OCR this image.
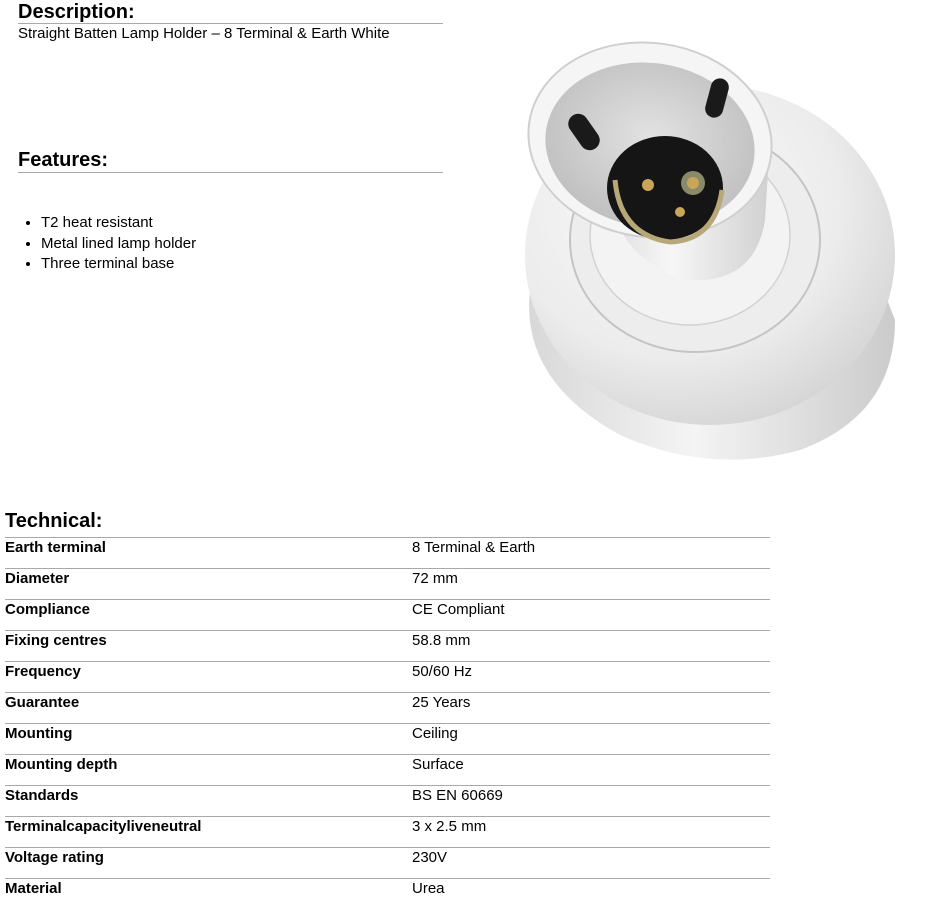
Description:
Straight Batten Lamp Holder – 8 Terminal & Earth White
Features:
• T2 heat resistant
• Metal lined lamp holder
• Three terminal base
Technical:
Earth terminal	8 Terminal & Earth
Diameter	72 mm
Compliance	CE Compliant
Fixing centres	58.8 mm
Frequency	50/60 Hz
Guarantee	25 Years
Mounting	Ceiling
Mounting depth	Surface
Standards	BS EN 60669
Terminalcapacityliveneutral	3 x 2.5 mm
Voltage rating	230V
Material	Urea
